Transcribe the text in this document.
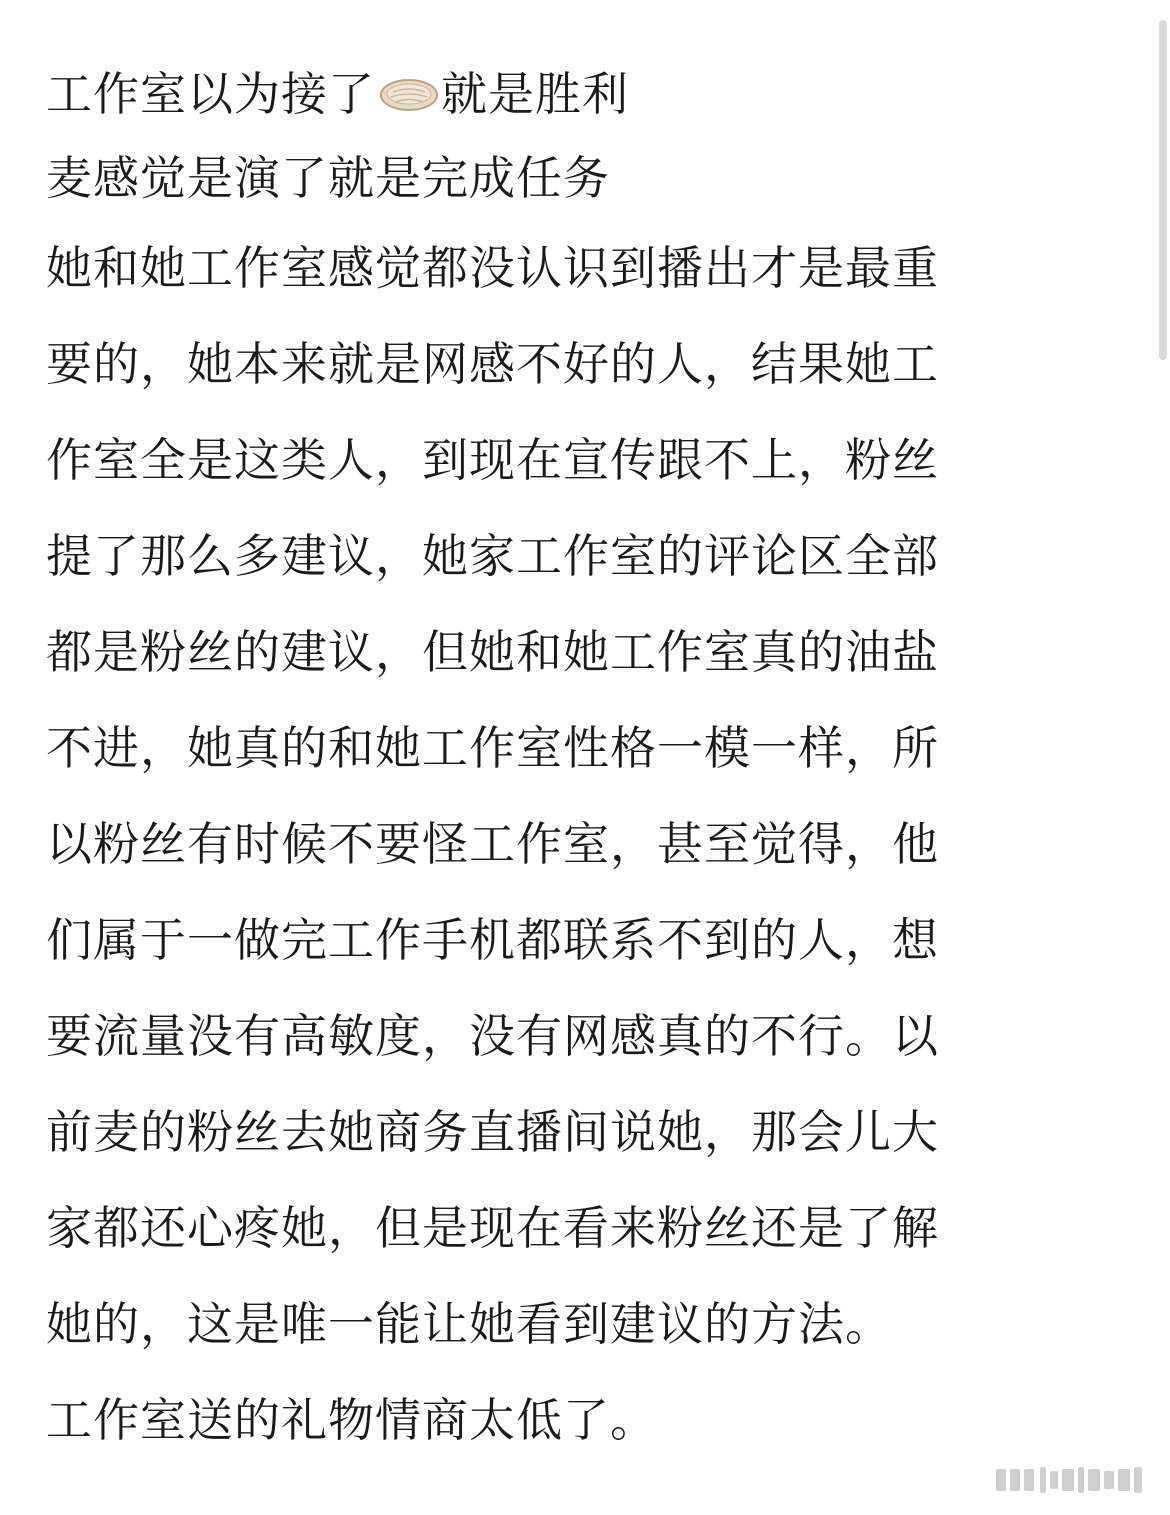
工作室以为接了 就是胜利
麦感觉是演了就是完成任务
她和她工作室感觉都没认识到播出才是最重
要的，她本来就是网感不好的人，结果她工
作室全是这类人，到现在宣传跟不上，粉丝
提了那么多建议，她家工作室的评论区全部
都是粉丝的建议，但她和她工作室真的油盐
不进，她真的和她工作室性格一模一样，所
以粉丝有时候不要怪工作室，甚至觉得，他
们属于一做完工作手机都联系不到的人，想
要流量没有高敏度，没有网感真的不行。以
前麦的粉丝去她商务直播间说她，那会儿大
家都还心疼她，但是现在看来粉丝还是了解
她的，这是唯一能让她看到建议的方法。
工作室送的礼物情商太低了。
